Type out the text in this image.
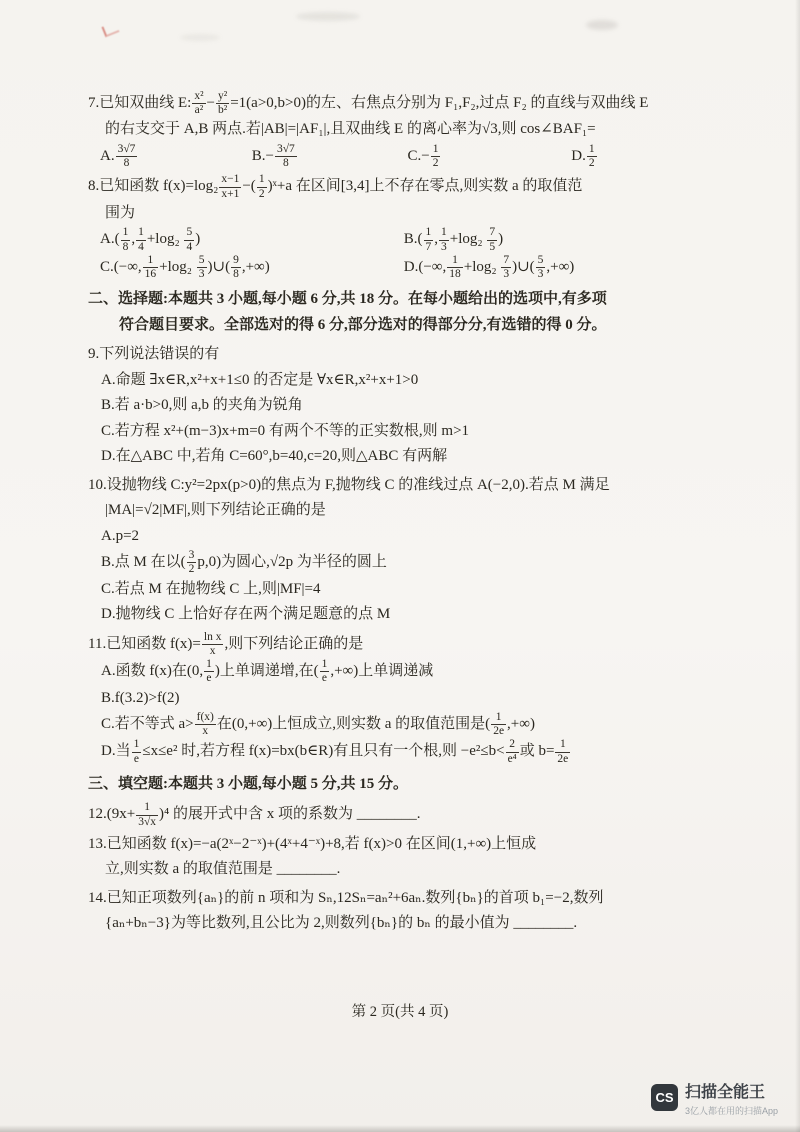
7.已知双曲线 E: $\frac{\text{x²}}{\text{a²}} - \frac{\text{y²}}{\text{b²}} =1(a>0,b>0)$的左、右焦点分别为 F₁,F₂,过点 F₂ 的直线与双曲线 E

的右支交于 A,B 两点.若|AB|=|AF₁|,且双曲线 E 的离心率为√3,则 cos∠BAF₁=

A. $\frac{3√7}{8}$	$B.- \frac{3√7}{8}$	$C.- \frac{1}{2}$	D. $\frac{1}{2}$

8.已知函数 $f(x)=\log_2 \frac{x-1}{x+1}$ −( $\frac{1}{2}$ )ˣ+a 在区间[3,4]上不存在零点,则实数 a 的取值范

围为

$A.( \frac{1}{8}$ , $\frac{1}{4} +\log_2 \frac{5}{4}$ )	$B.( \frac{1}{7}$ , $\frac{1}{3} +\log_2 \frac{7}{5}$ )

C.(−∞, $\frac{1}{16} +\log_2 \frac{5}{3}$ )∪( $\frac{9}{8}$ ,+∞)	D.(−∞, $\frac{1}{18} +\log_2 \frac{7}{3}$ )∪( $\frac{5}{3}$ ,+∞)

二、选择题:本题共 3 小题,每小题 6 分,共 18 分。在每小题给出的选项中,有多项

符合题目要求。全部选对的得 6 分,部分选对的得部分分,有选错的得 0 分。

9.下列说法错误的有

A.命题 ∃x∈R,x²+x+1≤0 的否定是 ∀x∈R,x²+x+1>0

B.若 a·b>0,则 a,b 的夹角为锐角

C.若方程 x²+(m−3)x+m=0 有两个不等的正实数根,则 m>1

D.在△ABC 中,若角 C=60°,b=40,c=20,则△ABC 有两解

10.设抛物线 C:y²=2px(p>0)的焦点为 F,抛物线 C 的准线过点 A(−2,0).若点 M 满足

|MA|=√2|MF|,则下列结论正确的是

A.p=2

B.点 M 在以( $\frac{3}{2} p,0$)为圆心,√2p 为半径的圆上

C.若点 M 在抛物线 C 上,则|MF|=4

D.抛物线 C 上恰好存在两个满足题意的点 M

11.已知函数 $f(x)= \frac{\text{ln x}}{x}$ ,则下列结论正确的是

A.函数 f(x)在(0, $\frac{1}{e}$ )上单调递增,在( $\frac{1}{e}$ ,+∞)上单调递减

B.f(3.2)>f(2)

C.若不等式 $a> \frac{f(x)}{x}$ 在(0,+∞)上恒成立,则实数 a 的取值范围是( $\frac{1}{2e}$ ,+∞)

D.当 $\frac{1}{e} \le x\le e^2$ 时,若方程 f(x)=bx(b∈R)有且只有一个根,则 $-e^2\le b< \frac{2}{\text{e⁴}}$ 或 $b= \frac{1}{2e}$

三、填空题:本题共 3 小题,每小题 5 分,共 15 分。

$12.(9x+ \frac{1}{3√x} )^4$ 的展开式中含 x 项的系数为 ________.

13.已知函数 f(x)=−a(2ˣ−2⁻ˣ)+(4ˣ+4⁻ˣ)+8,若 f(x)>0 在区间(1,+∞)上恒成

立,则实数 a 的取值范围是 ________.

14.已知正项数列{aₙ}的前 n 项和为 Sₙ,12Sₙ=aₙ²+6aₙ.数列{bₙ}的首项 b₁=−2,数列

{aₙ+bₙ−3}为等比数列,且公比为 2,则数列{bₙ}的 bₙ 的最小值为 ________.

第 2 页(共 4 页)
CS 扫描全能王
3亿人都在用的扫描App
